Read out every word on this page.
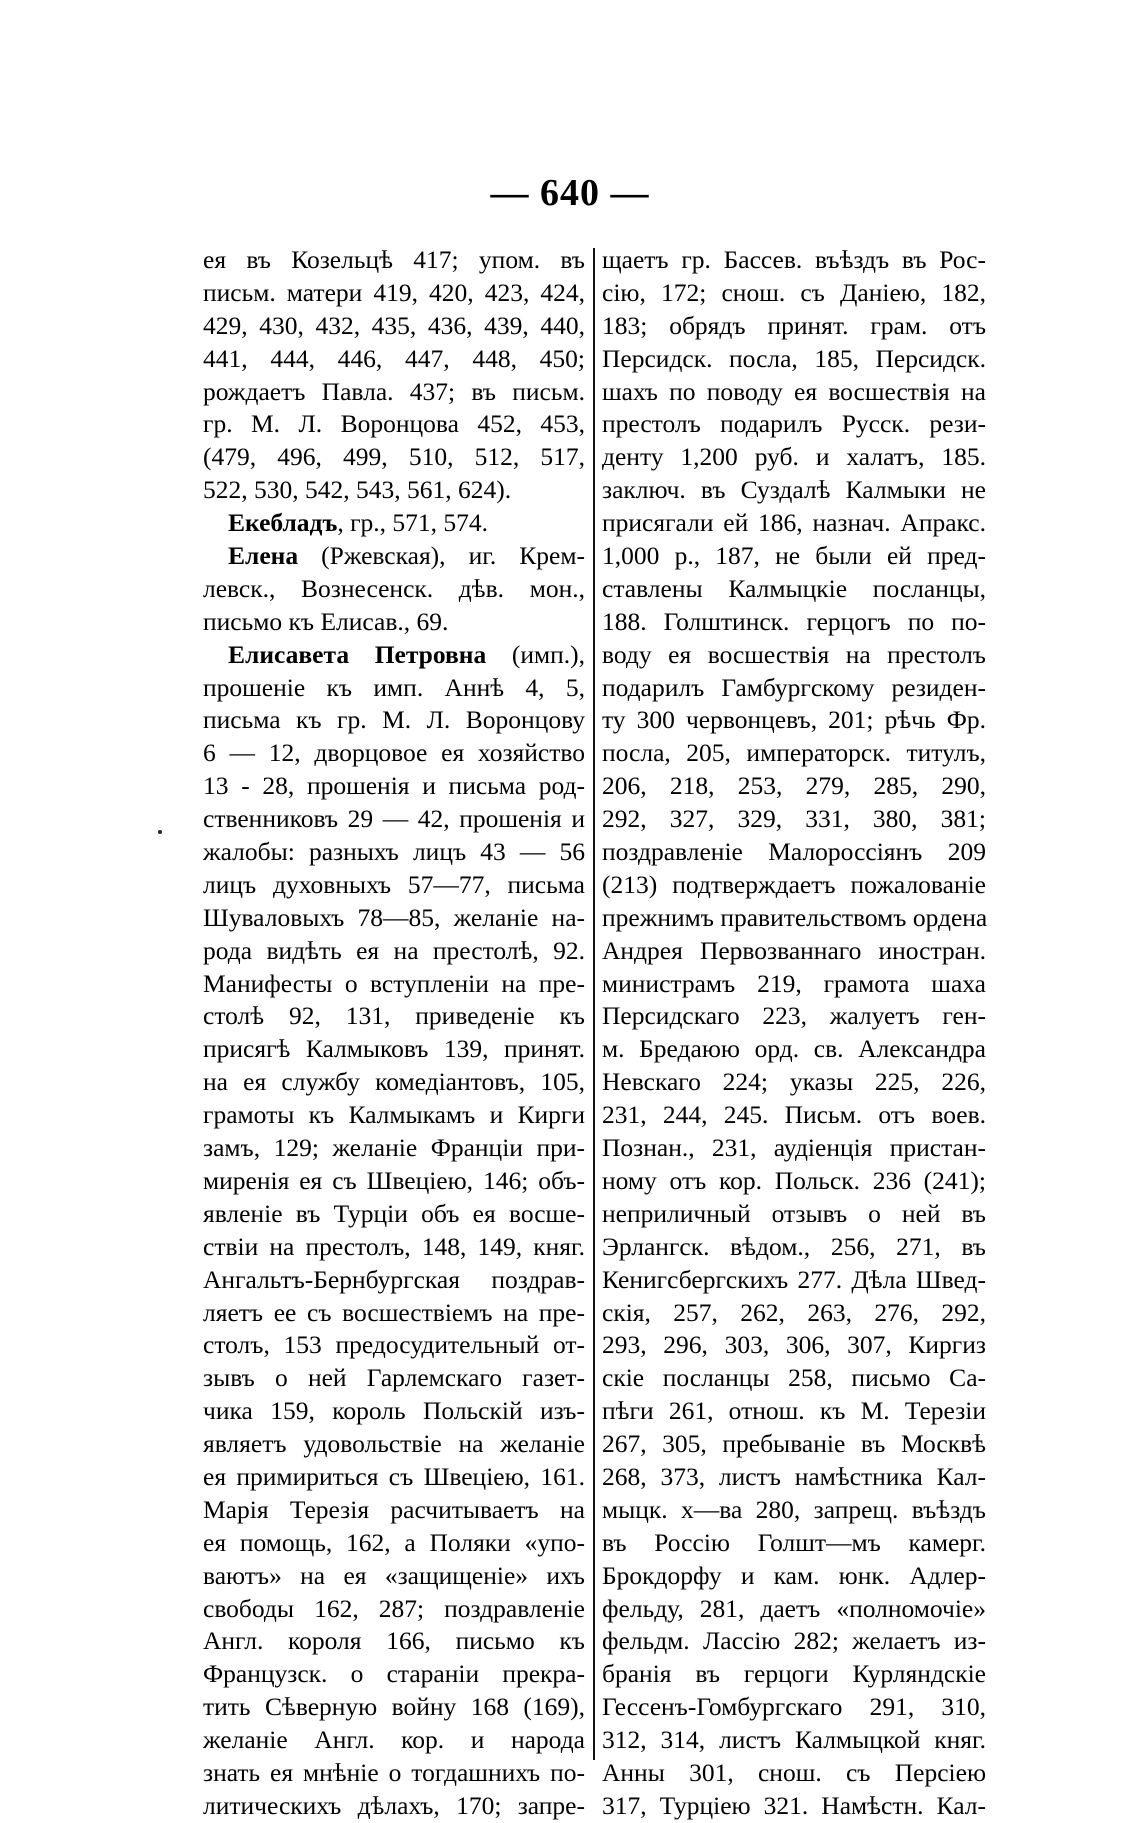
— 640 —
ея въ Козельцѣ 417; упом. въ
письм. матери 419, 420, 423, 424,
429, 430, 432, 435, 436, 439, 440,
441, 444, 446, 447, 448, 450;
рождаетъ Павла. 437; въ письм.
гр. М. Л. Воронцова 452, 453,
(479, 496, 499, 510, 512, 517,
522, 530, 542, 543, 561, 624).
Екебладъ, гр., 571, 574.
Елена (Ржевская), иг. Крем-
левск., Вознесенск. дѣв. мон.,
письмо къ Елисав., 69.
Елисавета Петровна (имп.),
прошеніе къ имп. Аннѣ 4, 5,
письма къ гр. М. Л. Воронцову
6 — 12, дворцовое ея хозяйство
13 - 28, прошенія и письма род-
ственниковъ 29 — 42, прошенія и
жалобы: разныхъ лицъ 43 — 56
лицъ духовныхъ 57—77, письма
Шуваловыхъ 78—85, желаніе на-
рода видѣть ея на престолѣ, 92.
Манифесты о вступленіи на пре-
столѣ 92, 131, приведеніе къ
присягѣ Калмыковъ 139, принят.
на ея службу комедіантовъ, 105,
грамоты къ Калмыкамъ и Кирги
замъ, 129; желаніе Франціи при-
миренія ея съ Швеціею, 146; объ-
явленіе въ Турціи объ ея восше-
ствіи на престолъ, 148, 149, княг.
Ангальтъ-Бернбургская поздрав-
ляетъ ее съ восшествіемъ на пре-
столъ, 153 предосудительный от-
зывъ о ней Гарлемскаго газет-
чика 159, король Польскій изъ-
являетъ удовольствіе на желаніе
ея примириться съ Швеціею, 161.
Марія Терезія расчитываетъ на
ея помощь, 162, а Поляки «упо-
ваютъ» на ея «защищеніе» ихъ
свободы 162, 287; поздравленіе
Англ. короля 166, письмо къ
Французск. о стараніи прекра-
тить Сѣверную войну 168 (169),
желаніе Англ. кор. и народа
знать ея мнѣніе о тогдашнихъ по-
литическихъ дѣлахъ, 170; запре-
щаетъ гр. Бассев. въѣздъ въ Рос-
сію, 172; снош. съ Даніею, 182,
183; обрядъ принят. грам. отъ
Персидск. посла, 185, Персидск.
шахъ по поводу ея восшествія на
престолъ подарилъ Русск. рези-
денту 1,200 руб. и халатъ, 185.
заключ. въ Суздалѣ Калмыки не
присягали ей 186, назнач. Апракс.
1,000 р., 187, не были ей пред-
ставлены Калмыцкіе посланцы,
188. Голштинск. герцогъ по по-
воду ея восшествія на престолъ
подарилъ Гамбургскому резиден-
ту 300 червонцевъ, 201; рѣчь Фр.
посла, 205, императорск. титулъ,
206, 218, 253, 279, 285, 290,
292, 327, 329, 331, 380, 381;
поздравленіе Малороссіянъ 209
(213) подтверждаетъ пожалованіе
прежнимъ правительствомъ ордена
Андрея Первозваннаго иностран.
министрамъ 219, грамота шаха
Персидскаго 223, жалуетъ ген-
м. Бредаюю орд. св. Александра
Невскаго 224; указы 225, 226,
231, 244, 245. Письм. отъ воев.
Познан., 231, аудіенція пристан-
ному отъ кор. Польск. 236 (241);
неприличный отзывъ о ней въ
Эрлангск. вѣдом., 256, 271, въ
Кенигсбергскихъ 277. Дѣла Швед-
скія, 257, 262, 263, 276, 292,
293, 296, 303, 306, 307, Киргиз
скіе посланцы 258, письмо Са-
пѣги 261, отнош. къ М. Терезіи
267, 305, пребываніе въ Москвѣ
268, 373, листъ намѣстника Кал-
мыцк. х—ва 280, запрещ. въѣздъ
въ Россію Голшт—мъ камерг.
Брокдорфу и кам. юнк. Адлер-
фельду, 281, даетъ «полномочіе»
фельдм. Лассію 282; желаетъ из-
бранія въ герцоги Курляндскіе
Гессенъ-Гомбургскаго 291, 310,
312, 314, листъ Калмыцкой княг.
Анны 301, снош. съ Персіею
317, Турціею 321. Намѣстн. Кал-
